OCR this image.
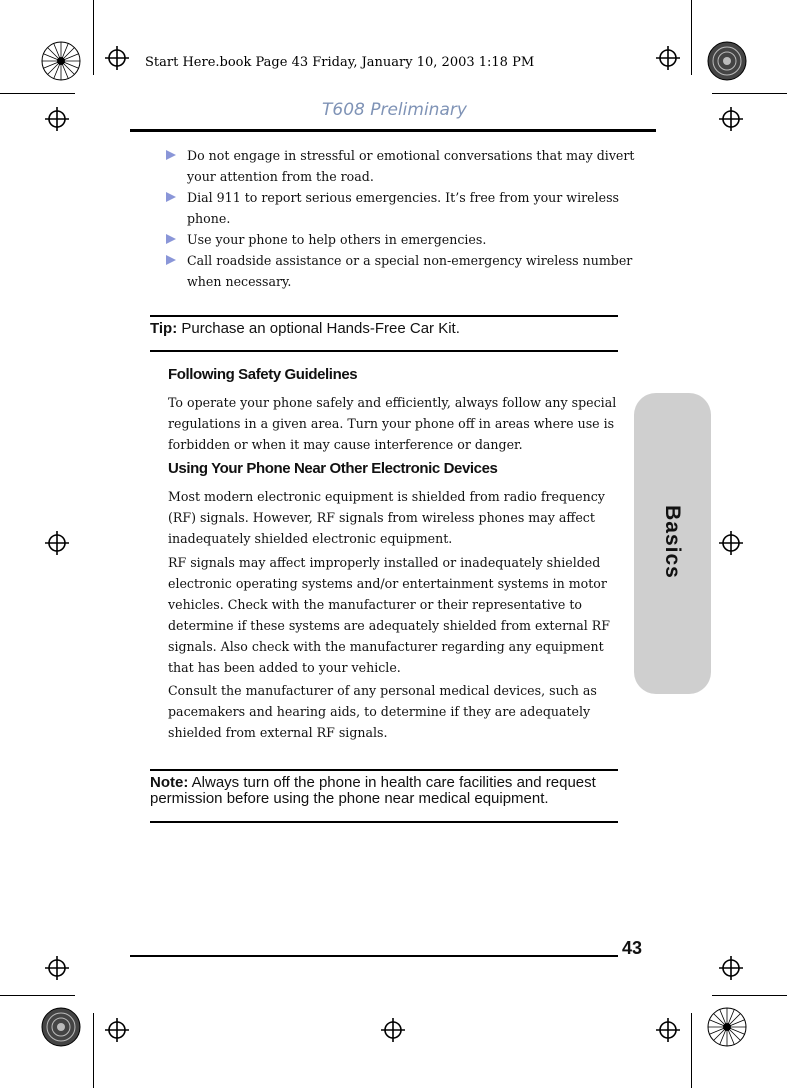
Start Here.book Page 43 Friday, January 10, 2003 1:18 PM
T608 Preliminary
Do not engage in stressful or emotional conversations that may divert your attention from the road.
Dial 911 to report serious emergencies. It’s free from your wireless phone.
Use your phone to help others in emergencies.
Call roadside assistance or a special non-emergency wireless number when necessary.
Tip: Purchase an optional Hands-Free Car Kit.
Following Safety Guidelines

To operate your phone safely and efficiently, always follow any special regulations in a given area. Turn your phone off in areas where use is forbidden or when it may cause interference or danger.

Using Your Phone Near Other Electronic Devices

Most modern electronic equipment is shielded from radio frequency (RF) signals. However, RF signals from wireless phones may affect inadequately shielded electronic equipment.

RF signals may affect improperly installed or inadequately shielded electronic operating systems and/or entertainment systems in motor vehicles. Check with the manufacturer or their representative to determine if these systems are adequately shielded from external RF signals. Also check with the manufacturer regarding any equipment that has been added to your vehicle.

Consult the manufacturer of any personal medical devices, such as pacemakers and hearing aids, to determine if they are adequately shielded from external RF signals.

Note: Always turn off the phone in health care facilities and request permission before using the phone near medical equipment.
Basics
43
